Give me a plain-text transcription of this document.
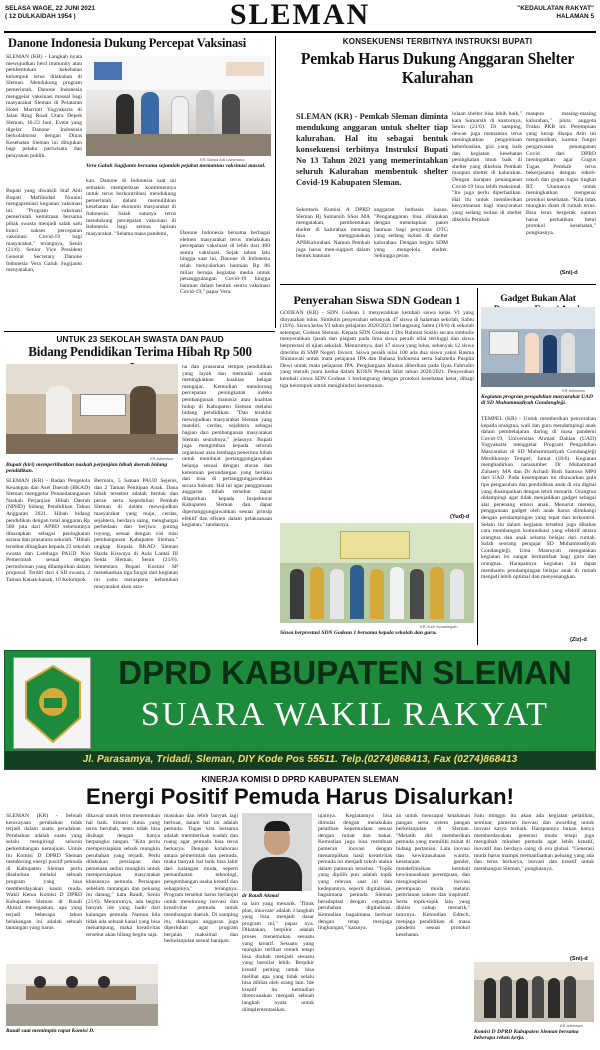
SELASA WAGE, 22 JUNI 2021
( 12 DULKAIDAH 1954 )	SLEMAN	"KEDAULATAN RAKYAT"
HALAMAN 5
Danone Indonesia Dukung Percepat Vaksinasi
SLEMAN (KR) - Langkah nyata mewujudkan herd immunity atau pembentukan kekebalan kelompok terus dilakukan di Sleman. Mendukung program pemerintah, Danone Indonesia menggelar vaksinasi massal bagi masyarakat Sleman di Pelataran Hotel Marriott Yogyakarta di Jalan Ring Road Utara Depok Sleman, 16-23 Juni. Event yang digelar Danone Indonesia berkolaborasi dengan Dinas Kesehatan Sleman ini ditujukan bagi pelaku pariwisata dan pelayanan publik.
KR-Sanya Adi Laksmana
Vera Galuh Sugijanto bersama sejumlah pejabat memantau vaksinasi massal.
kan. Danone di Indonesia saat ini semakin memperkuat komitmennya untuk terus berkontribusi mendukung pemerintah dalam memulihkan kesehatan dan ekonomi masyarakat di Indonesia. Salah satunya terus mendukung percepatan vaksinasi di Indonesia bagi semua lapisan masyarakat. "Selama masa pandemi,	Danone Indonesia bersama berbagai elemen masyarakat terus melakukan percepatan vaksinasi di lebih dari 400 sentra vaksinasi. Sejak tahun lalu hingga saat ini, Danone di Indonesia telah menyalurkan bantuan Rp 86 miliar berupa kegiatan media untuk penanggulangan Covid-19 hingga bantuan dalam bentuk sentra vaksinasi Covid-19," papar Vera.
Bupati yang diwakili Staf Ahli Bupati Mafilindati Nuraini mengapresiasi kegiatan vaksinasi ini. "Program vaksinasi pemerintah kemitraan bersama pihak swasta menjadi salah satu kunci sukses percepatan vaksinasi Covid-19 bagi masyarakat," terangnya, Senin (21/6). Senior Vice President General Secretary Danone Indonesia Vera Galuh Sugijanto menyatakan,
KONSEKUENSI TERBITNYA INSTRUKSI BUPATI
Pemkab Harus Dukung Anggaran Shelter Kalurahan
SLEMAN (KR) - Pemkab Sleman diminta mendukung anggaran untuk shelter tiap kalurahan. Hal itu sebagai bentuk konsekuensi terbitnya Instruksi Bupati No 13 Tahun 2021 yang memerintahkan seluruh Kalurahan membentuk shelter Covid-19 Kabupaten Sleman.
Sekretaris Komisi A DPRD Sleman Hj Sumarsih SSos MA mengatakan, pembentukan shelter di kalurahan memang bisa menggunakan APBKalurahan. Namun Pemkab juga harus men-support dalam bentuk bantuan
anggaran berbasis kasus. "Penganggaran bisa dilakukan dengan menetapkan paket bantuan bagi penyintas OTG yang sedang isolasi di shelter kalurahan. Dengan begitu SDM yang mengelola shelter. Sehingga peran
lolaan shelter bisa lebih baik," kata Sumarsih di kantornya, Senin (21/6). Di samping, dewan juga memantau terus meningkatkan pengelolaan keberhasilan, gizi yang baik dan kegiatan kesehatan peningkatan imun baik di shelter yang dikelola Pemkab maupun shelter di kalurahan. Dengan harapan penanganan Covid-19 bisa lebih maksimal. "Itu juga perlu diperhatikan. Hal itu untuk memberikan kenyamanan bagi masyarakat yang sedang isolasi di shelter dikelola Pemkab
maupun masing-masing kalurahan," pinta anggota Fraksi PKB ini. Perempuan yang kerap disapa Atin ini mengusulkan, karena fungsi pengawasan penanganan Covid dari DPRD meningatkan agar Gugus Tugas Pemkab terus bekerjasama dengan tokoh-tokoh dan gugus tugas tingkat RT. Utamanya untuk meningkatkan mengenai protokol kesehatan. "Kita tidak mungkin diam di rumah terus. Bisa terus bergerak namun harus perhatikan betul protokol kesehatan," pungkasnya.
(Sni)-d
Penyerahan Siswa SDN Godean 1
GODEAN (KR) - SDN Godean 1 menyerahkan kembali siswa kelas VI yang dinyatakan lulus. Simbolis penyerahan sebanyak 47 siswa di halaman sekolah, Sabtu (19/6). Siswa kelas VI tahun pelajaran 2020/2021 berlangsung Sabtu (19/6) di sekolah setempat, Godean Sleman. Kepala SDN Godean 1 Drs Rahmat Susilo secara simbolis menyerahkan ijazah dan piagam pada lima siswa peraih nilai tertinggi dan siswa berprestasi di ujian sekolah. Menurutnya, dari 47 siswa yang lulus, sebanyak 12 siswa diterima di SMP Negeri favorit. Siswa peraih nilai 100 ada dua siswa yakni Rasma Shintawati untuk mata pelajaran IPA dan Bahasa Indonesia serta Sabatella Puspita Dewi untuk mata pelajaran IPA. Penghargaan khusus diberikan pada Ilyas Fahrudin yang meraih juara kedua dalam KOSN Pencak Silat tahun 2020/2021. Penyerahan kembali siswa SDN Godean 1 berlangsung dengan protokol kesehatan ketat, dibagi tiga kelompok untuk menghindari kerumunan.
KR-Yudi Yudaningsih
Siswa berprestasi SDN Godean 1 bersama kepala sekolah dan guru.
(Yud)-d
Gadget Bukan Alat
KR-Istimewa
Kegiatan program pengabdian masyarakat UAD di SD Muhammadiyah Gondangleği.
TEMPEL (KR) - Untuk memberikan pencerahan kepada orangtua, wali dan guru mendampingi anak dalam pembelajaran daring di masa pandemi Covid-19, Universitas Ahmad Dahlan (UAD) Yogyakarta menggelar Program Pengabdian Masyarakat di SD Muhammadiyah Gondangleği Merdikorejo Tempel, Jumat (18/6). Kegiatan menghadirkan narasumber Dr Muhammad Zuhaery MA dan Dr Achadi Budi Santoso MPd dari UAD. Pada kesempatan ini ditawarkan pula tips pengasuhan dan pendidikan anak di era digital yang disampaikan dengan lebih menarik. Orangtua didampingi agar tidak menjadikan gadget sebagai alat penenang emosi anak. Menurut mereka, penggunaan gadget oleh anak harus diimbangi dengan pendampingan yang tepat dan terkontrol. Selain itu dalam kegiatan tersebut juga dibahas cara membangun komunikasi yang efektif antara orangtua dan anak selama belajar dari rumah. Salah seorang pengajar SD Muhammadiyah Gondangleği, Uma Masruyati mengatakan kegiatan ini sangat bermanfaat bagi guru dan orangtua. Harapannya kegiatan ini dapat membantu pendampingan belajar anak di rumah menjadi lebih optimal dan menyenangkan.
(Ziz)-d
UNTUK 23 SEKOLAH SWASTA DAN PAUD
Bidang Pendidikan Terima Hibah Rp 500
KR-Istimewa
Bupati (kiri) memperlihatkan naskah perjanjian hibah daerah bidang pendidikan.
SLEMAN (KR) - Badan Pengelola Keuangan dan Aset Daerah (BKAD) Sleman menggelar Penandatanganan Naskah Perjanjian Hibah Daerah (NPHD) bidang Pendidikan Tahun Anggaran 2021. Hibah bidang pendidikan dengan total anggaran Rp 500 juta dari APBD sebelumnya diharapkan sebagai peningkatan sarana dan prasarana sekolah. "Hibah tersebut dibagikan kepada 23 sekolah swasta dan Lembaga PAUD Non Pemerintah sesuai dengan permohonan yang dilampirkan dalam proposal. Terdiri dari 4 SD swasta, 2 Taman Kanak-kanak, 10 Kelompok
Bermain, 5 Satuan PAUD Sejenis, dan 2 Taman Penitipan Anak. Dana hibah tersebut adalah bentuk dan peran serta kepedulian Pemkab Sleman di dalam mewujudkan masyarakat yang maju, cerdas, sejahtera, berdaya saing, menghargai perbedaan dan berjiwa gotong royong, sesuai dengan visi misi pembangunan Kabupaten Sleman," ungkap Kepala BKAD Sleman Harda Kiswaya di Aula Lantai III Setda Sleman, Senin (21/6). Sementara Bupati Kustini SP menekankan tiga fungsi dari kegiatan ini yaitu meraspons kebutuhan masyarakat akan sara-
na dan prasarana tempat pendidikan yang layak dan memadai untuk meningkatkan kualitas belajar mengajar. Kemudian mendorong percepatan peningkatan indeks pembangunan manusia atau kualitas hidup di Kabupaten Sleman melalui bidang pendidikan. "Dan terakhir mewujudkan masyarakat Sleman yang mandiri, cerdas, sejahtera sebagai bagian dari pembangunan masyarakat Sleman seutuhnya," jelasnya. Bupati juga mengimbau kepada seluruh organisasi atau lembaga penerima hibah untuk membuat pertanggungjawaban belanja sesuai dengan aturan dan ketentuan perundangan yang berlaku dan bisa di pertanggungjawabkan secara hukum. Hal ini agar penggunaan anggaran hibah tersebut dapat dilaporkan kepada Inspektorat Kabupaten Sleman dan dapat dipertanggungjawabkan sesuai prinsip efektif dan efisien dalam pelaksanaan kegiatan," tandasnya.
DPRD KABUPATEN SLEMAN
SUARA WAKIL RAKYAT
Jl. Parasamya, Tridadi, Sleman, DIY Kode Pos 55511. Telp.(0274)868413, Fax (0274)868413
KINERJA KOMISI D DPRD KABUPATEN SLEMAN
Energi Positif Pemuda Harus Disalurkan!
SLEMAN (KR) - Sebuah kenicayaan perubahan tidak terjadi dalam suatu peradaban. Perubahan adalah suatu yang selalu mengiringi seluruh perkembangan kemajuan. Untuk itu Komisi D DPRD Sleman mendorong energi positif pemuda di Kabupaten Sleman perlu disalurkan melalui sebuah program yang bisa memberdayakan kaum muda. Wakil Ketua Komisi D DPRD Kabupaten Sleman dr Raudi Akmal menegaskan, apa yang terjadi beberapa tahun belakangan ini adalah sebuah tantangan yang harus
dikawal untuk terus menemukan hal baik. Situasi dunia yang terus berubah, tentu tidak bisa disikapi dengan hanya berpangku tangan. "Kita perlu mempersiapkan sebaik mungkin perubahan yang terjadi. Perlu dilakukan persiapan dan pemetaan sedini mungkin untuk mempersiapkan masyarakat khususnya pemuda. Persiapan sebelum tantangan dan peluang itu datang," kata Raudi, Senin (21/6). Menurutnya, ada begitu banyak ide yang hadir dari kalangan pemuda. Namun bila tidak ada sebuah kanal yang bisa menampung, maka kreativitas tersebut akan hilang begitu saja.
masukan dan lebih banyak lagi berbuat, dalam hal ini adalah pemuda. Tugas kita bersama adalah memberikan wadah dan ruang agar pemuda bisa terus berkarya. Dengan kolaborasi antara pemerintah dan pemuda, maka banyak hal baik bisa lahir dari kalangan muda, seperti pemanfaatan teknologi, pengembangan usaha kreatif dan sebagainya," terangnya. Program tersebut harus berlanjut untuk mendorong inovasi dan kreativitas pemuda untuk membangun daerah. Di samping itu, dukungan anggaran juga diperlukan agar program berjalan maksimal dan berkelanjutan sesuai harapan.
Raudi saat memimpin rapat Komisi D.
dr Raudi Akmal
na lain yang menarik. 'Think plan, innovate' adalah 3 langkah yang bisa menjadi dasar program ini," papar nya. Dikatakan, berpikir adalah proses menemukan sesuatu yang kreatif. Sesuatu yang mungkin terlihat remeh tetapi bisa diubah menjadi sesuatu yang bernilai lebih. Berpikir kreatif penting untuk bisa melihat apa yang tidak selalu bisa dilihat oleh orang lain. Ide kreatif itu kemudian direncanakan menjadi sebuah langkah nyata untuk diimplementasikan.
ujarnya. Kegiatannya bisa dimulai dengan melakukan pelatihan kepemudaan sesuai dengan minat dan bakat. Kemudian juga bisa membuat pameran inovasi dengan menampilkan hasil kreativitas pemuda ini menjadi tokoh utama dalam pameran tersebut. "Topik yang dipilih pun adalah topik yang relevan saat ini dan kedepannya, seperti digitalisasi, bagaimana pemuda Sleman beradaptasi dengan cepatnya perubahan digitalisasi. Kemudian bagaimana berbuat dengan tetap menjaga lingkungan," katanya.
an untuk mencapai ketahanan pangan serta sistem pangan berkelanjutan di Sleman. "Melatih diri memberikan pemuda yang memiliki minat di bidang pertanian. Lalu inovasi dan kewirausahaan wanita, kesetaraan gender, mendefinisikan kembali kewirausahaan perempuan, dan menginspirasi inovasi perempuan muda melalui pemrianan sukses dan inspiratif. Serta topik-topik lain yang dinilai cukup menarik," tuturnya. Kemudian Edtech, menjaga pendidikan di masa pandemi sesuai protokol kesehatan.
Satu minggu itu akan ada kegiatan pelatihan, seminar, pameran inovasi dan awarding untuk inovasi karya terbaik. Harapannya bukan hanya memberdayakan generasi muda tetapi juga mengubah mindset pemuda agar lebih kreatif, inovatif dan berdaya saing di era global. "Generasi muda harus mampu memanfaatkan peluang yang ada dan terus berkarya, inovasi dan kreatif untuk membangun Sleman," pungkasnya.
(Sni)-d
KR-Istimewa
Komisi D DPRD Kabupaten Sleman bersama beberapa rekan kerja.
